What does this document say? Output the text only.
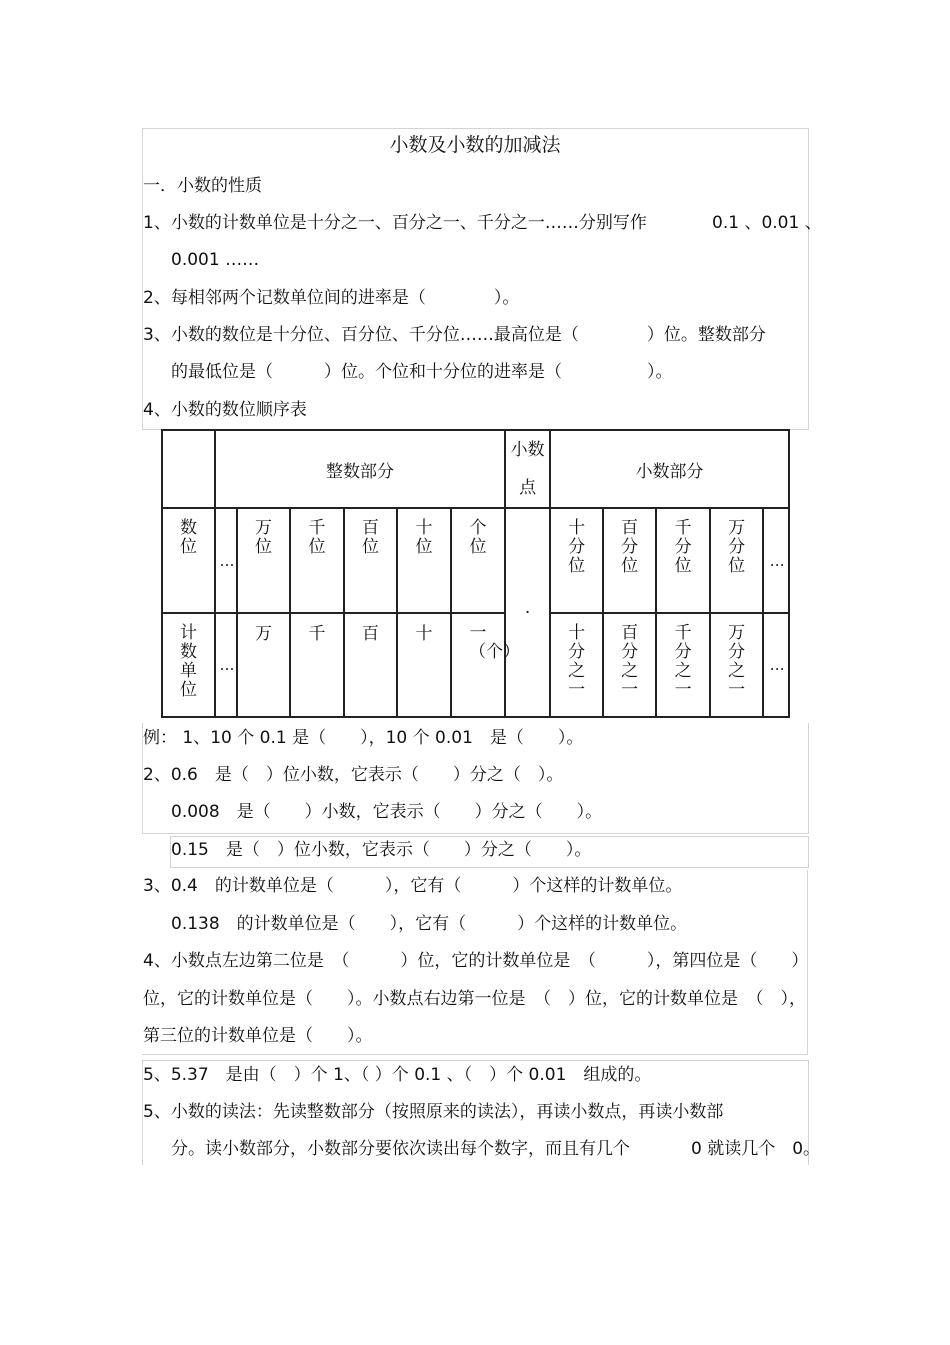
小数及小数的加减法
一．小数的性质
1、小数的计数单位是十分之一、百分之一、千分之一……分别写作	0.1 、0.01 、
0.001 ……
2、每相邻两个记数单位间的进率是（　　　　）。
3、小数的数位是十分位、百分位、千分位……最高位是（　　　　）位。整数部分
的最低位是（　　　）位。个位和十分位的进率是（　　　　　）。
4、小数的数位顺序表
	整数部分						小数点	小数部分				
数位	…	万位	千位	百位	十位	个位	·	十分位	百分位	千分位	万分位	…
计数单位	…	万	千	百	十	一（个）		十分之一	百分之一	千分之一	万分之一	…
例： 1、10 个 0.1 是（　　），10 个 0.01　是（　　）。
2、0.6　是（　）位小数，它表示（　　）分之（　）。
0.008　是（　　）小数，它表示（　　）分之（　　）。
0.15　是（　）位小数，它表示（　　）分之（　　）。
3、0.4　的计数单位是（　　　），它有（　　　）个这样的计数单位。
0.138　的计数单位是（　　），它有（　　　）个这样的计数单位。
4、小数点左边第二位是　（　　　）位，它的计数单位是　（　　　），第四位是（　　）
位，它的计数单位是（　　）。小数点右边第一位是　（　）位，它的计数单位是　（　），
第三位的计数单位是（　　）。
5、5.37　是由（　）个 1、（ ）个 0.1 、（　）个 0.01　组成的。
5、小数的读法：先读整数部分（按照原来的读法），再读小数点，再读小数部
分。读小数部分，小数部分要依次读出每个数字，而且有几个	0 就读几个　0。
